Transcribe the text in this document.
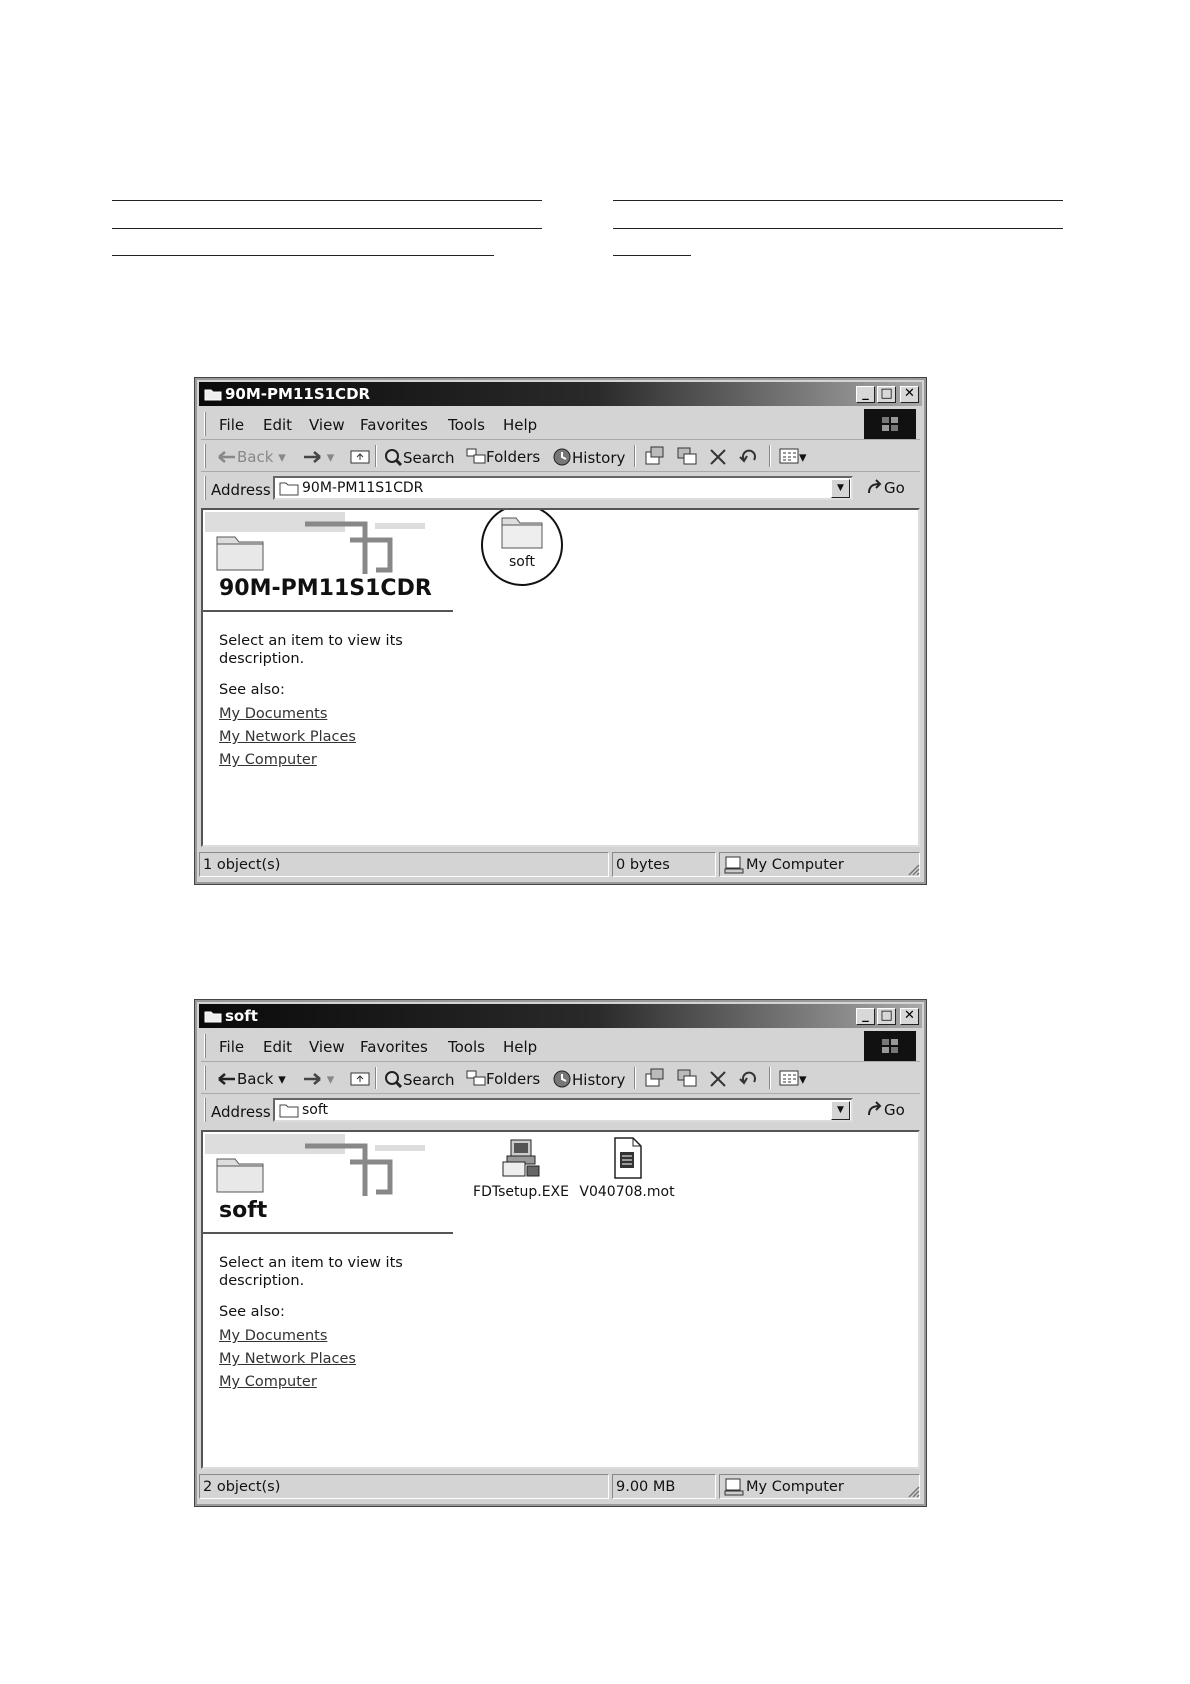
90M-PM11S1CDR	_ □ ✕
File Edit View Favorites Tools Help
Back ▾	▾	Search	Folders	History	▾
Address 90M-PM11S1CDR	▼	Go
90M-PM11S1CDR
Select an item to view its description.
See also:
My Documents
My Network Places
My Computer
soft
1 object(s)	0 bytes	My Computer
soft	_ □ ✕
File Edit View Favorites Tools Help
Back ▾	▾	Search	Folders	History	▾
Address soft	▼	Go
soft
Select an item to view its description.
See also:
My Documents
My Network Places
My Computer
FDTsetup.EXE V040708.mot
2 object(s)	9.00 MB	My Computer
